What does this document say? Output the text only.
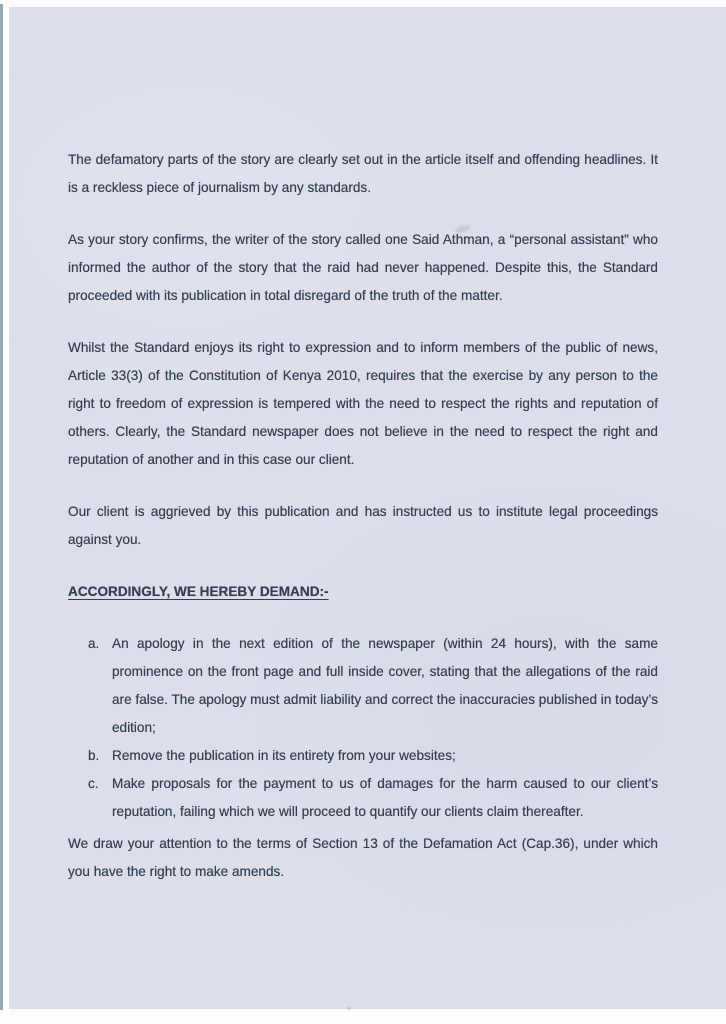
The defamatory parts of the story are clearly set out in the article itself and offending headlines. It is a reckless piece of journalism by any standards.

As your story confirms, the writer of the story called one Said Athman, a “personal assistant” who informed the author of the story that the raid had never happened. Despite this, the Standard proceeded with its publication in total disregard of the truth of the matter.

Whilst the Standard enjoys its right to expression and to inform members of the public of news, Article 33(3) of the Constitution of Kenya 2010, requires that the exercise by any person to the right to freedom of expression is tempered with the need to respect the rights and reputation of others. Clearly, the Standard newspaper does not believe in the need to respect the right and reputation of another and in this case our client.

Our client is aggrieved by this publication and has instructed us to institute legal proceedings against you.

ACCORDINGLY, WE HEREBY DEMAND:-

a. An apology in the next edition of the newspaper (within 24 hours), with the same prominence on the front page and full inside cover, stating that the allegations of the raid are false. The apology must admit liability and correct the inaccuracies published in today’s edition;
b. Remove the publication in its entirety from your websites;
c. Make proposals for the payment to us of damages for the harm caused to our client’s reputation, failing which we will proceed to quantify our clients claim thereafter.

We draw your attention to the terms of Section 13 of the Defamation Act (Cap.36), under which you have the right to make amends.
